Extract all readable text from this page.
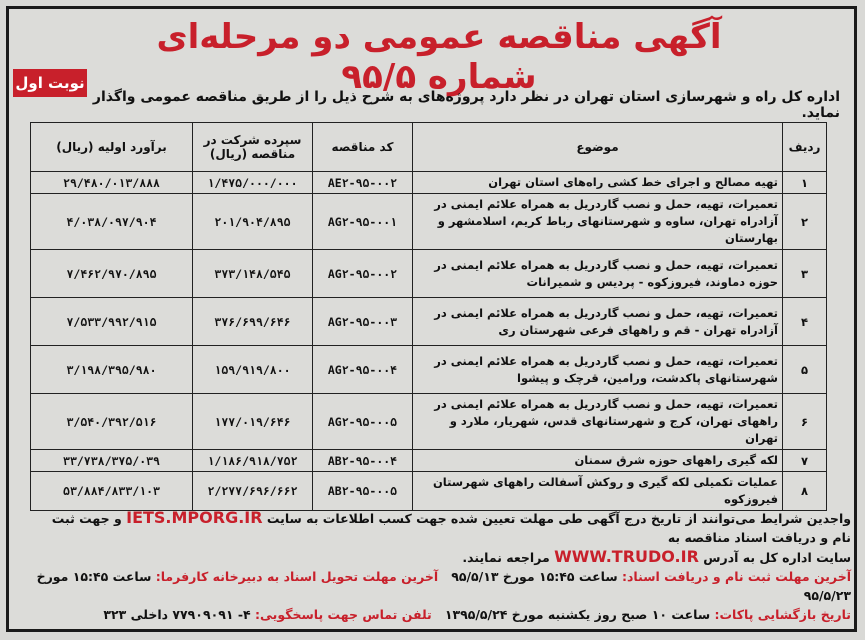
آگهی مناقصه عمومی دو مرحله‌ای شماره ۹۵/۵
نوبت اول
اداره کل راه و شهرسازی استان تهران در نظر دارد پروژه‌های به شرح ذیل را از طریق مناقصه عمومی واگذار نماید.
ردیف	موضوع	کد مناقصه	سپرده شرکت در مناقصه (ریال)	برآورد اولیه (ریال)
۱	تهیه مصالح و اجرای خط کشی راه‌های استان تهران	AE۲-۹۵-۰۰۲	۱/۴۷۵/۰۰۰/۰۰۰	۲۹/۴۸۰/۰۱۳/۸۸۸
۲	تعمیرات، تهیه، حمل و نصب گاردریل به همراه علائم ایمنی در آزادراه تهران، ساوه و شهرستانهای رباط کریم، اسلامشهر و بهارستان	AG۲-۹۵-۰۰۱	۲۰۱/۹۰۴/۸۹۵	۴/۰۳۸/۰۹۷/۹۰۴
۳	تعمیرات، تهیه، حمل و نصب گاردریل به همراه علائم ایمنی در حوزه دماوند، فیروزکوه - پردیس و شمیرانات	AG۲-۹۵-۰۰۲	۳۷۳/۱۴۸/۵۴۵	۷/۴۶۲/۹۷۰/۸۹۵
۴	تعمیرات، تهیه، حمل و نصب گاردریل به همراه علائم ایمنی در آزادراه تهران - قم و راههای فرعی شهرستان ری	AG۲-۹۵-۰۰۳	۳۷۶/۶۹۹/۶۴۶	۷/۵۳۳/۹۹۲/۹۱۵
۵	تعمیرات، تهیه، حمل و نصب گاردریل به همراه علائم ایمنی در شهرستانهای پاکدشت، ورامین، قرچک و پیشوا	AG۲-۹۵-۰۰۴	۱۵۹/۹۱۹/۸۰۰	۳/۱۹۸/۳۹۵/۹۸۰
۶	تعمیرات، تهیه، حمل و نصب گاردریل به همراه علائم ایمنی در راههای تهران، کرج و شهرستانهای قدس، شهریار، ملارد و تهران	AG۲-۹۵-۰۰۵	۱۷۷/۰۱۹/۶۴۶	۳/۵۴۰/۳۹۲/۵۱۶
۷	لکه گیری راههای حوزه شرق سمنان	AB۲-۹۵-۰۰۴	۱/۱۸۶/۹۱۸/۷۵۲	۳۳/۷۳۸/۳۷۵/۰۳۹
۸	عملیات تکمیلی لکه گیری و روکش آسفالت راههای شهرستان فیروزکوه	AB۲-۹۵-۰۰۵	۲/۲۷۷/۶۹۶/۶۶۲	۵۳/۸۸۴/۸۳۳/۱۰۳
واجدین شرایط می‌توانند از تاریخ درج آگهی طی مهلت تعیین شده جهت کسب اطلاعات به سایت IETS.MPORG.IR و جهت ثبت نام و دریافت اسناد مناقصه به
سایت اداره کل به آدرس WWW.TRUDO.IR مراجعه نمایند.
آخرین مهلت ثبت نام و دریافت اسناد: ساعت ۱۵:۴۵ مورخ ۹۵/۵/۱۳   آخرین مهلت تحویل اسناد به دبیرخانه کارفرما: ساعت ۱۵:۴۵ مورخ ۹۵/۵/۲۳
تاریخ بازگشایی پاکات: ساعت ۱۰ صبح روز یکشنبه مورخ ۱۳۹۵/۵/۲۴   تلفن تماس جهت پاسخگویی: ۴- ۷۷۹۰۹۰۹۱ داخلی ۳۲۳
